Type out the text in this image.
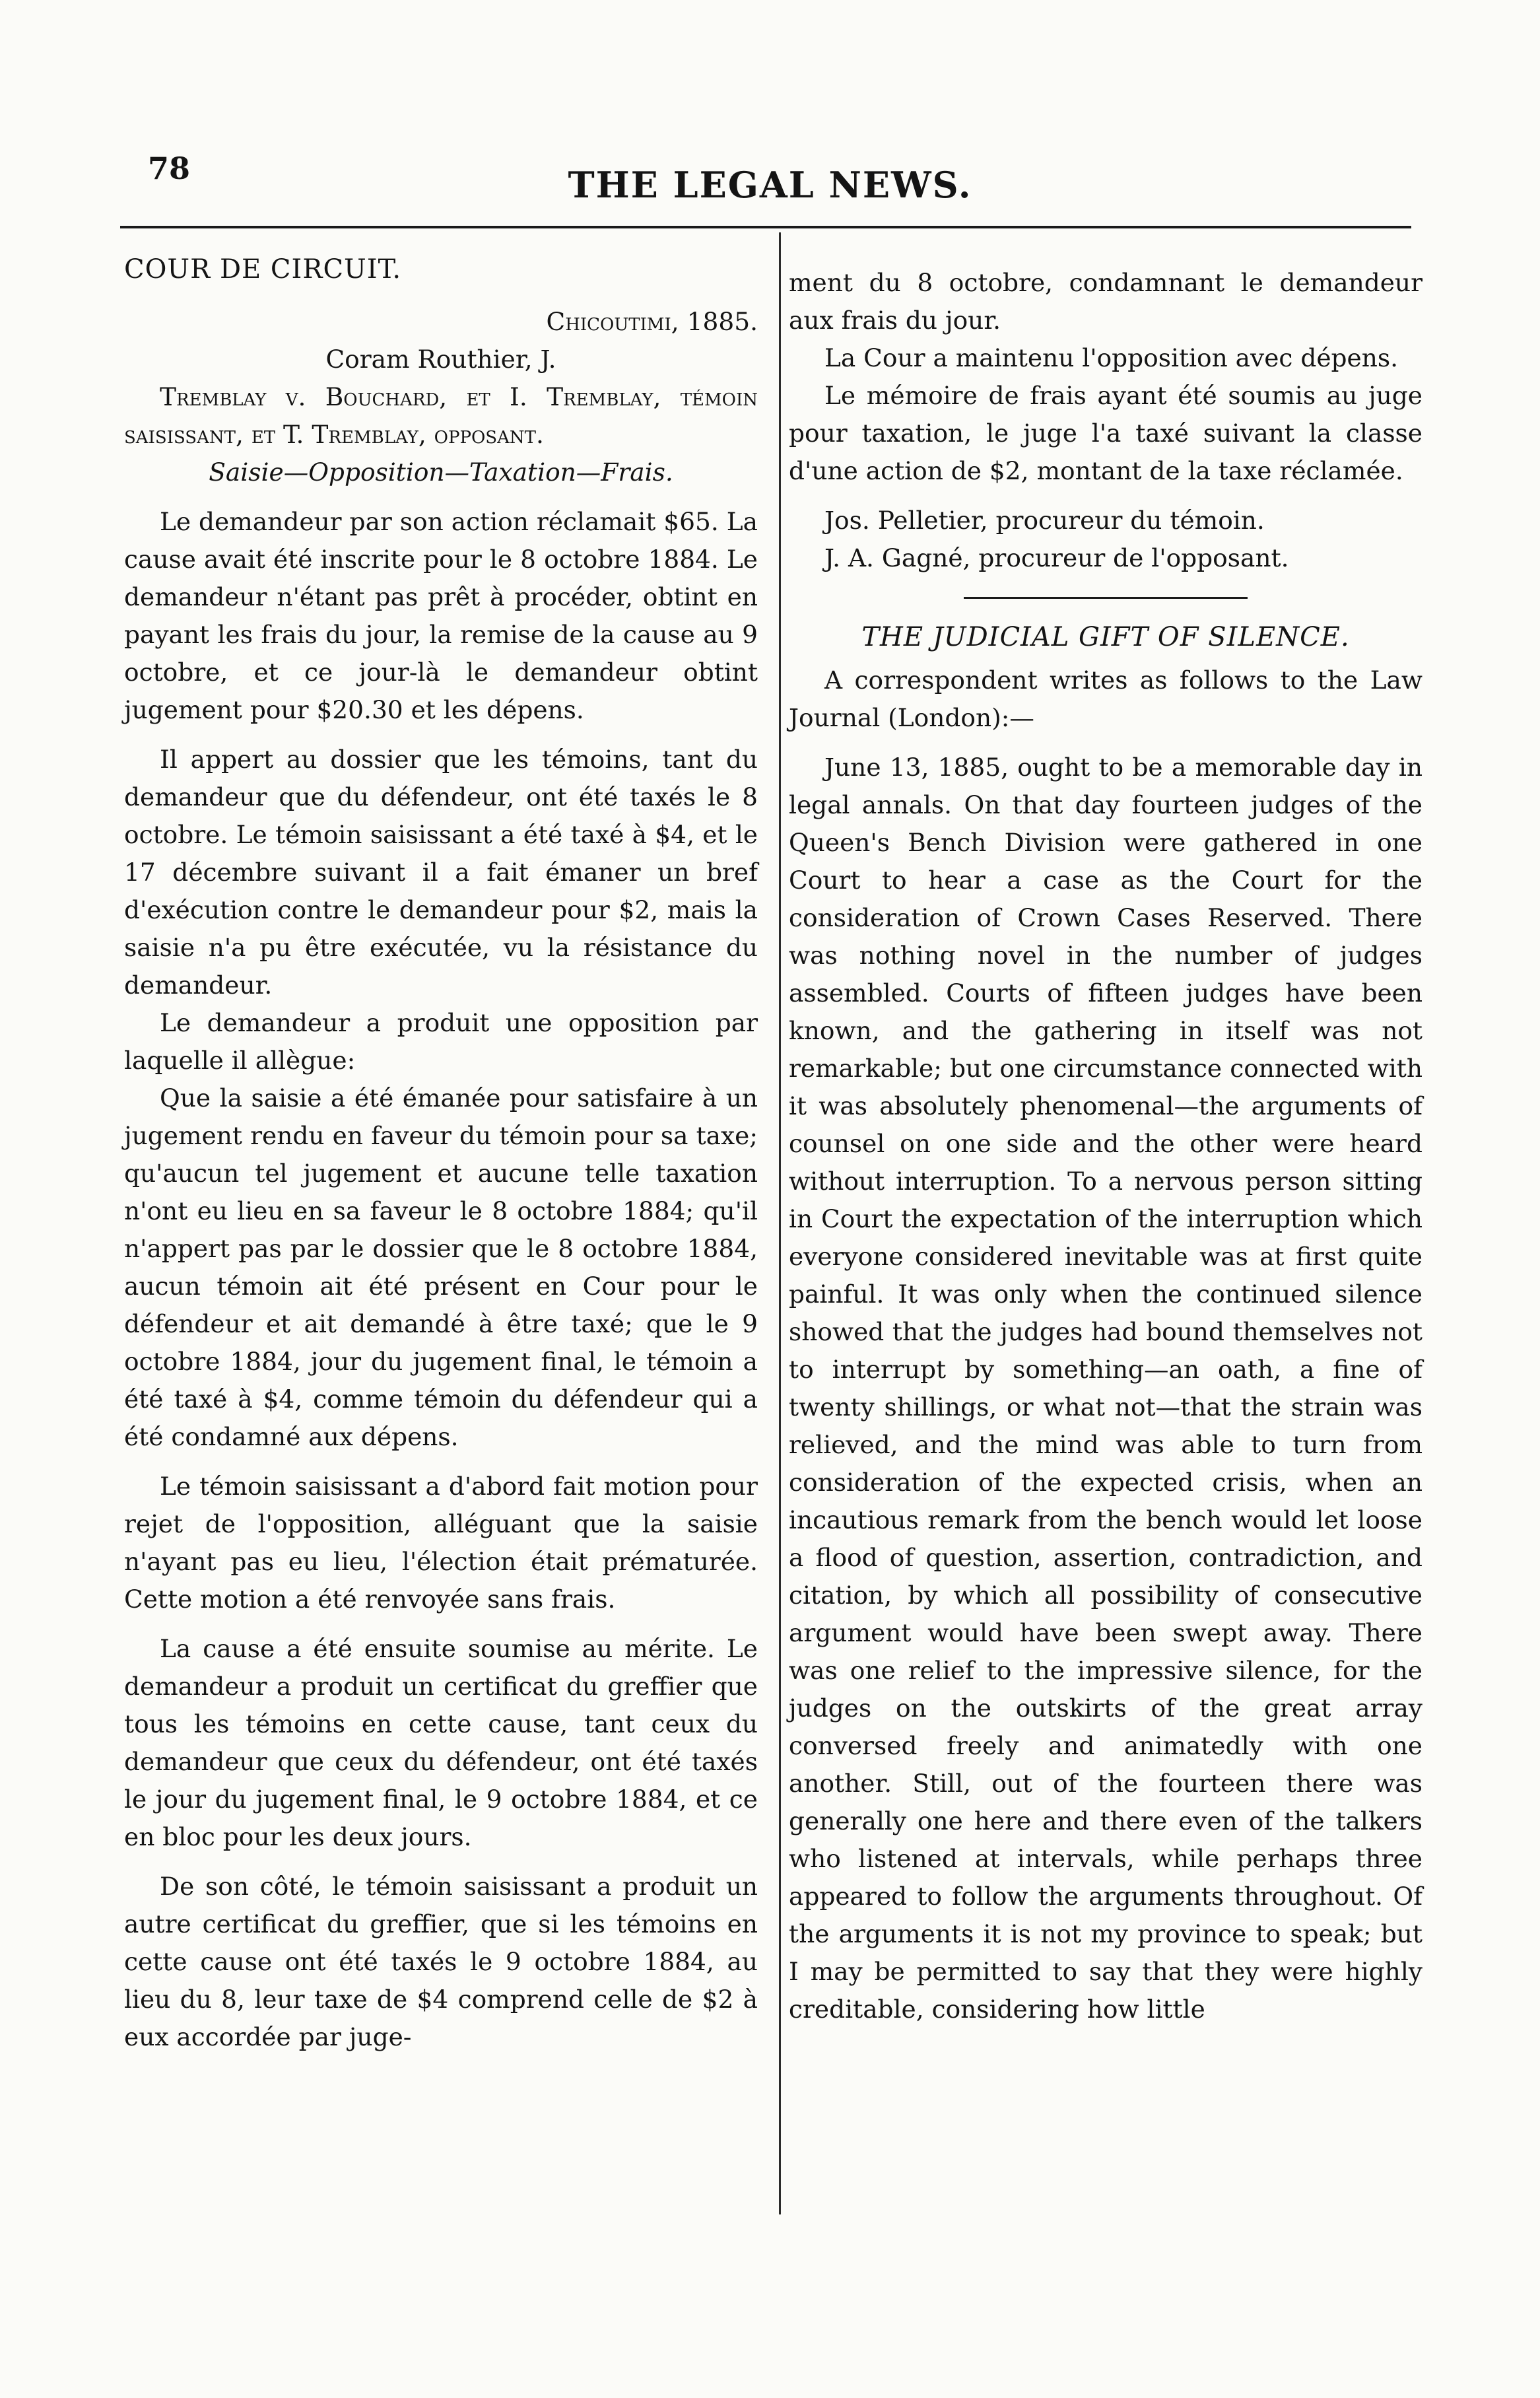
78	THE LEGAL NEWS.

COUR DE CIRCUIT.

Chicoutimi, 1885.

Coram Routhier, J.

Tremblay v. Bouchard, et I. Tremblay, témoin saisissant, et T. Tremblay, opposant.

Saisie—Opposition—Taxation—Frais.

Le demandeur par son action réclamait $65. La cause avait été inscrite pour le 8 octobre 1884. Le demandeur n'étant pas prêt à procéder, obtint en payant les frais du jour, la remise de la cause au 9 octobre, et ce jour-là le demandeur obtint jugement pour $20.30 et les dépens.

Il appert au dossier que les témoins, tant du demandeur que du défendeur, ont été taxés le 8 octobre. Le témoin saisissant a été taxé à $4, et le 17 décembre suivant il a fait émaner un bref d'exécution contre le demandeur pour $2, mais la saisie n'a pu être exécutée, vu la résistance du demandeur.

Le demandeur a produit une opposition par laquelle il allègue:

Que la saisie a été émanée pour satisfaire à un jugement rendu en faveur du témoin pour sa taxe; qu'aucun tel jugement et aucune telle taxation n'ont eu lieu en sa faveur le 8 octobre 1884; qu'il n'appert pas par le dossier que le 8 octobre 1884, aucun témoin ait été présent en Cour pour le défendeur et ait demandé à être taxé; que le 9 octobre 1884, jour du jugement final, le témoin a été taxé à $4, comme témoin du défendeur qui a été condamné aux dépens.

Le témoin saisissant a d'abord fait motion pour rejet de l'opposition, alléguant que la saisie n'ayant pas eu lieu, l'élection était prématurée. Cette motion a été renvoyée sans frais.

La cause a été ensuite soumise au mérite. Le demandeur a produit un certificat du greffier que tous les témoins en cette cause, tant ceux du demandeur que ceux du défendeur, ont été taxés le jour du jugement final, le 9 octobre 1884, et ce en bloc pour les deux jours.

De son côté, le témoin saisissant a produit un autre certificat du greffier, que si les témoins en cette cause ont été taxés le 9 octobre 1884, au lieu du 8, leur taxe de $4 comprend celle de $2 à eux accordée par juge-

ment du 8 octobre, condamnant le demandeur aux frais du jour.

La Cour a maintenu l'opposition avec dépens.

Le mémoire de frais ayant été soumis au juge pour taxation, le juge l'a taxé suivant la classe d'une action de $2, montant de la taxe réclamée.

Jos. Pelletier, procureur du témoin.

J. A. Gagné, procureur de l'opposant.

THE JUDICIAL GIFT OF SILENCE.

A correspondent writes as follows to the Law Journal (London):—

June 13, 1885, ought to be a memorable day in legal annals. On that day fourteen judges of the Queen's Bench Division were gathered in one Court to hear a case as the Court for the consideration of Crown Cases Reserved. There was nothing novel in the number of judges assembled. Courts of fifteen judges have been known, and the gathering in itself was not remarkable; but one circumstance connected with it was absolutely phenomenal—the arguments of counsel on one side and the other were heard without interruption. To a nervous person sitting in Court the expectation of the interruption which everyone considered inevitable was at first quite painful. It was only when the continued silence showed that the judges had bound themselves not to interrupt by something—an oath, a fine of twenty shillings, or what not—that the strain was relieved, and the mind was able to turn from consideration of the expected crisis, when an incautious remark from the bench would let loose a flood of question, assertion, contradiction, and citation, by which all possibility of consecutive argument would have been swept away. There was one relief to the impressive silence, for the judges on the outskirts of the great array conversed freely and animatedly with one another. Still, out of the fourteen there was generally one here and there even of the talkers who listened at intervals, while perhaps three appeared to follow the arguments throughout. Of the arguments it is not my province to speak; but I may be permitted to say that they were highly creditable, considering how little
